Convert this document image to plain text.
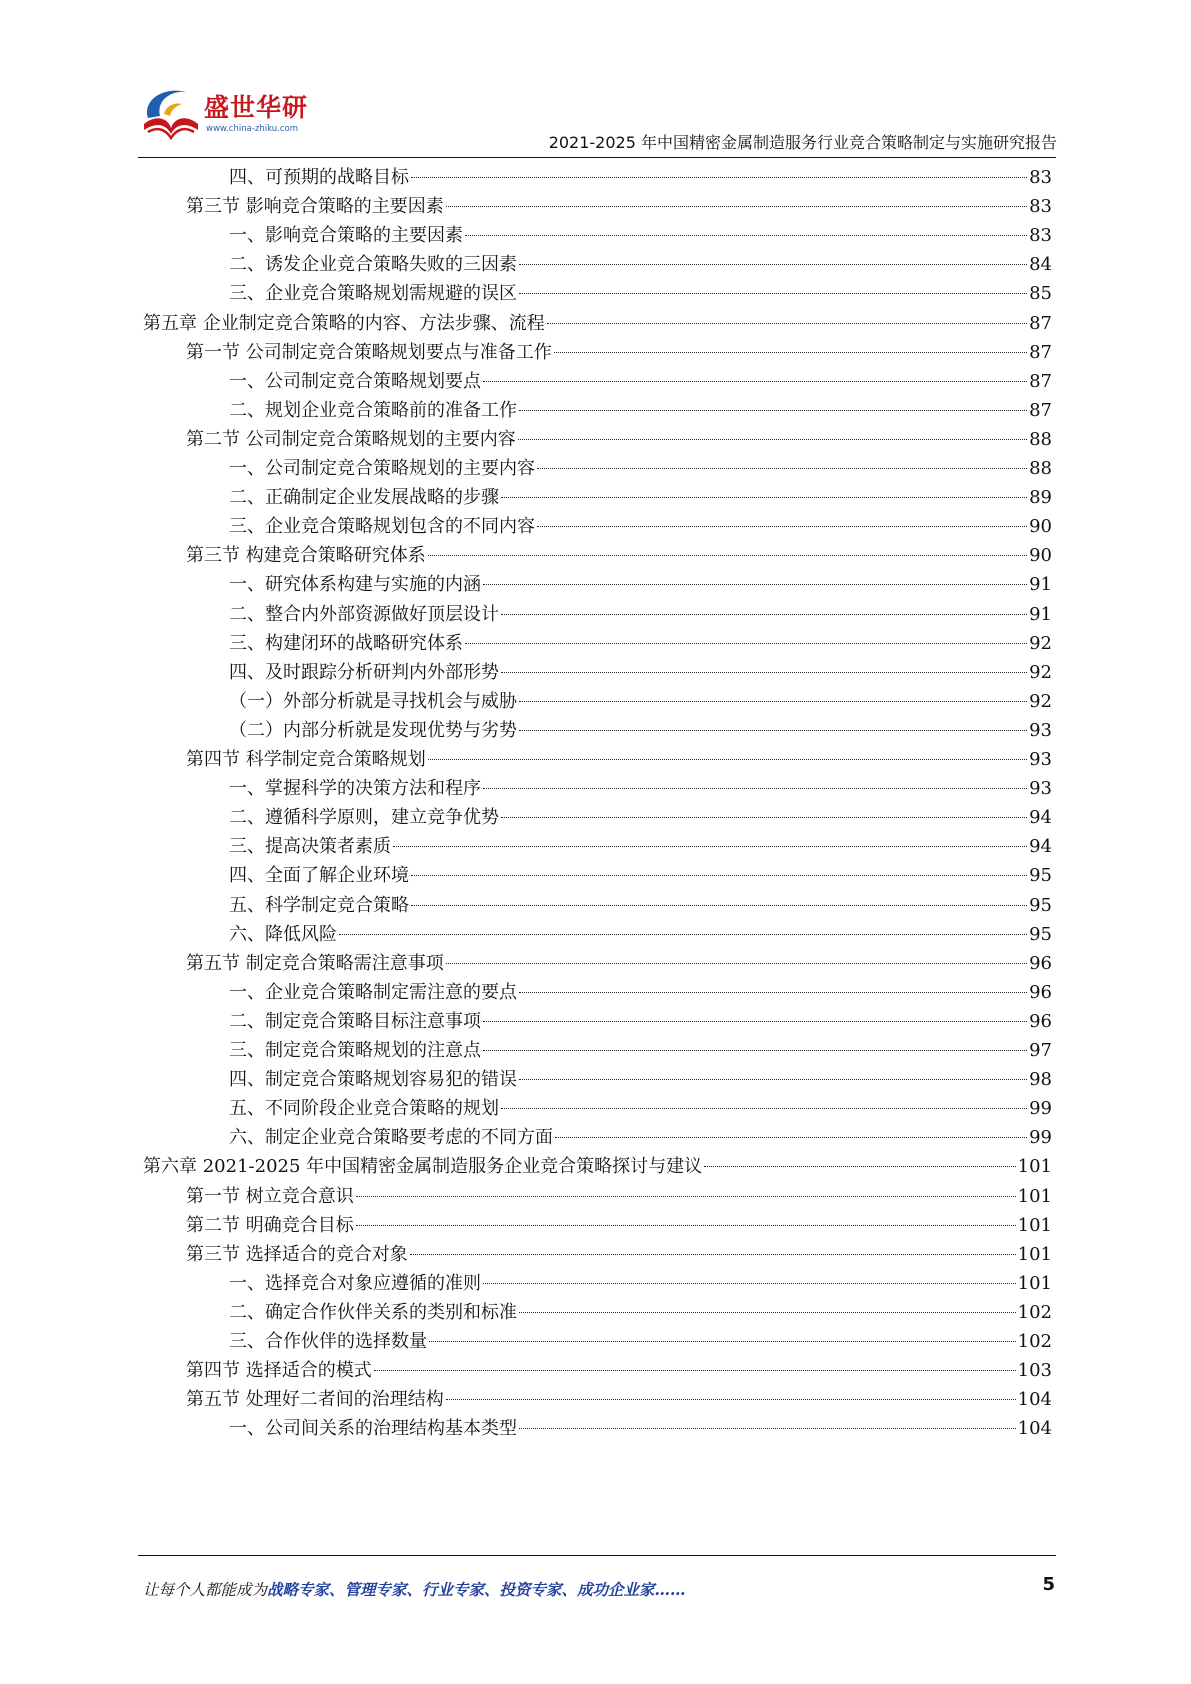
盛世华研
www.china-zhiku.com
2021-2025 年中国精密金属制造服务行业竞合策略制定与实施研究报告
四、可预期的战略目标	83
第三节 影响竞合策略的主要因素	83
一、影响竞合策略的主要因素	83
二、诱发企业竞合策略失败的三因素	84
三、企业竞合策略规划需规避的误区	85
第五章 企业制定竞合策略的内容、方法步骤、流程	87
第一节 公司制定竞合策略规划要点与准备工作	87
一、公司制定竞合策略规划要点	87
二、规划企业竞合策略前的准备工作	87
第二节 公司制定竞合策略规划的主要内容	88
一、公司制定竞合策略规划的主要内容	88
二、正确制定企业发展战略的步骤	89
三、企业竞合策略规划包含的不同内容	90
第三节 构建竞合策略研究体系	90
一、研究体系构建与实施的内涵	91
二、整合内外部资源做好顶层设计	91
三、构建闭环的战略研究体系	92
四、及时跟踪分析研判内外部形势	92
（一）外部分析就是寻找机会与威胁	92
（二）内部分析就是发现优势与劣势	93
第四节 科学制定竞合策略规划	93
一、掌握科学的决策方法和程序	93
二、遵循科学原则，建立竞争优势	94
三、提高决策者素质	94
四、全面了解企业环境	95
五、科学制定竞合策略	95
六、降低风险	95
第五节 制定竞合策略需注意事项	96
一、企业竞合策略制定需注意的要点	96
二、制定竞合策略目标注意事项	96
三、制定竞合策略规划的注意点	97
四、制定竞合策略规划容易犯的错误	98
五、不同阶段企业竞合策略的规划	99
六、制定企业竞合策略要考虑的不同方面	99
第六章 2021-2025 年中国精密金属制造服务企业竞合策略探讨与建议	101
第一节 树立竞合意识	101
第二节 明确竞合目标	101
第三节 选择适合的竞合对象	101
一、选择竞合对象应遵循的准则	101
二、确定合作伙伴关系的类别和标准	102
三、合作伙伴的选择数量	102
第四节 选择适合的模式	103
第五节 处理好二者间的治理结构	104
一、公司间关系的治理结构基本类型	104
让每个人都能成为战略专家、管理专家、行业专家、投资专家、成功企业家……	5
